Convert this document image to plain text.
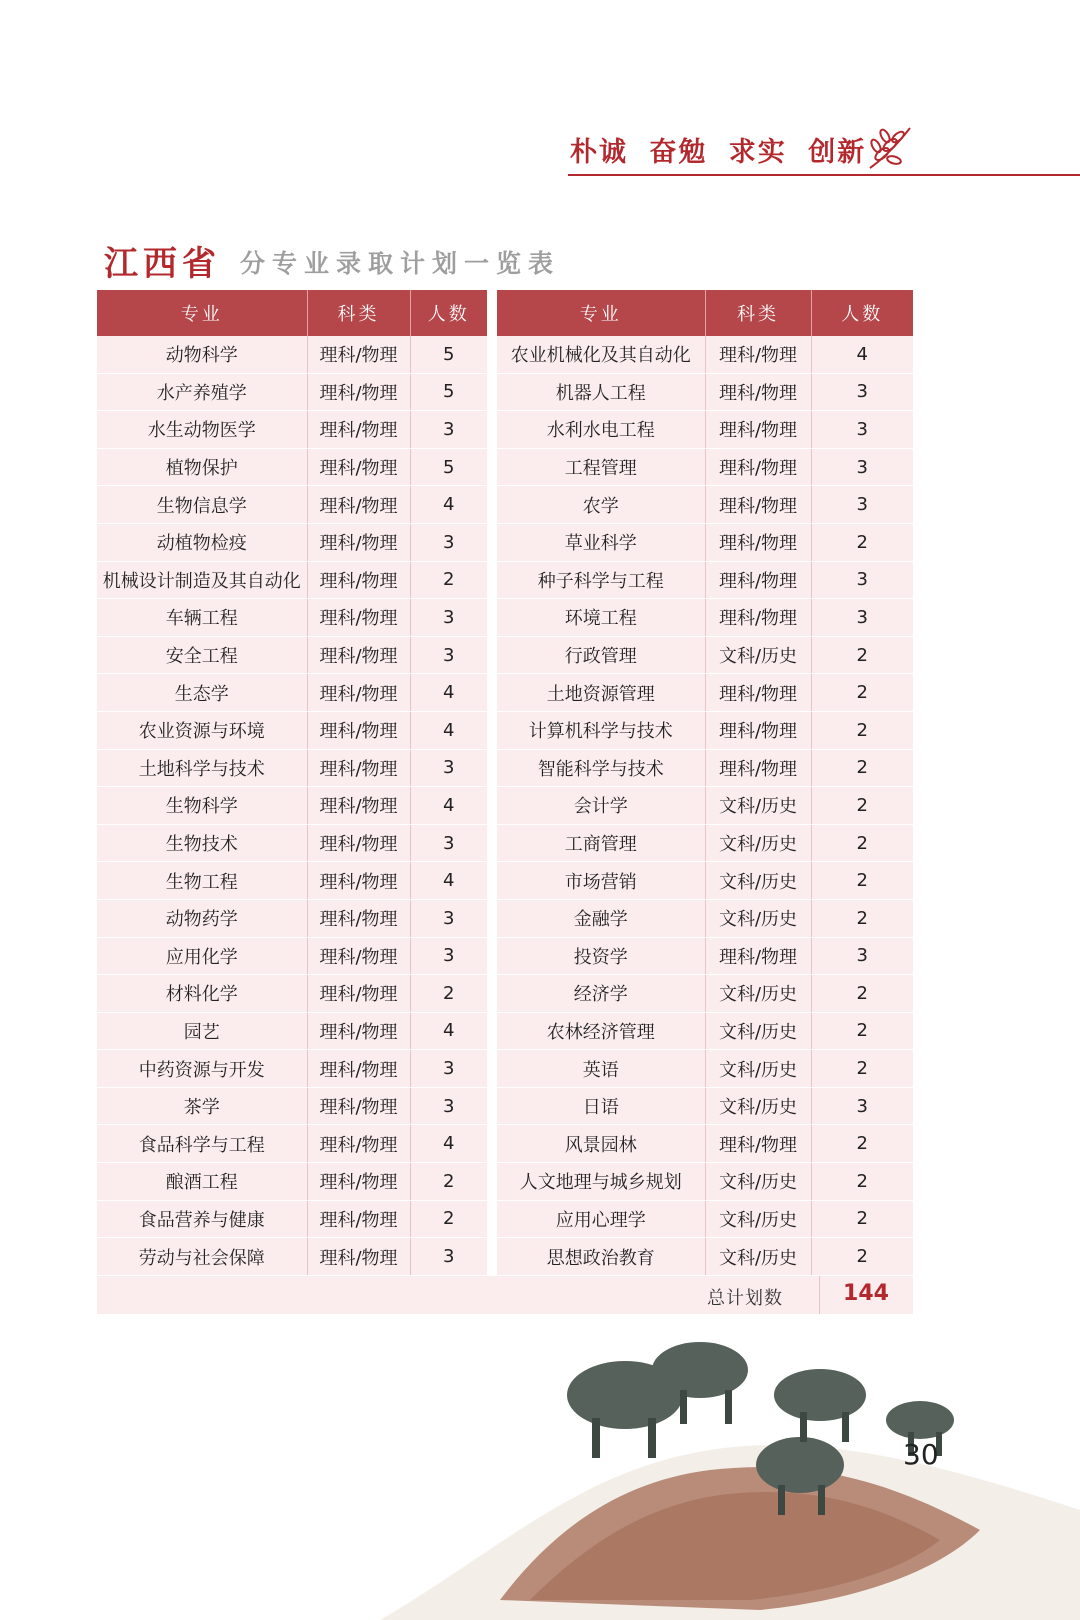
朴诚 奋勉 求实 创新
江西省 分专业录取计划一览表
专业	科类	人数
动物科学	理科/物理	5
水产养殖学	理科/物理	5
水生动物医学	理科/物理	3
植物保护	理科/物理	5
生物信息学	理科/物理	4
动植物检疫	理科/物理	3
机械设计制造及其自动化	理科/物理	2
车辆工程	理科/物理	3
安全工程	理科/物理	3
生态学	理科/物理	4
农业资源与环境	理科/物理	4
土地科学与技术	理科/物理	3
生物科学	理科/物理	4
生物技术	理科/物理	3
生物工程	理科/物理	4
动物药学	理科/物理	3
应用化学	理科/物理	3
材料化学	理科/物理	2
园艺	理科/物理	4
中药资源与开发	理科/物理	3
茶学	理科/物理	3
食品科学与工程	理科/物理	4
酿酒工程	理科/物理	2
食品营养与健康	理科/物理	2
劳动与社会保障	理科/物理	3
专业	科类	人数
农业机械化及其自动化	理科/物理	4
机器人工程	理科/物理	3
水利水电工程	理科/物理	3
工程管理	理科/物理	3
农学	理科/物理	3
草业科学	理科/物理	2
种子科学与工程	理科/物理	3
环境工程	理科/物理	3
行政管理	文科/历史	2
土地资源管理	理科/物理	2
计算机科学与技术	理科/物理	2
智能科学与技术	理科/物理	2
会计学	文科/历史	2
工商管理	文科/历史	2
市场营销	文科/历史	2
金融学	文科/历史	2
投资学	理科/物理	3
经济学	文科/历史	2
农林经济管理	文科/历史	2
英语	文科/历史	2
日语	文科/历史	3
风景园林	理科/物理	2
人文地理与城乡规划	文科/历史	2
应用心理学	文科/历史	2
思想政治教育	文科/历史	2
总计划数	144
30
